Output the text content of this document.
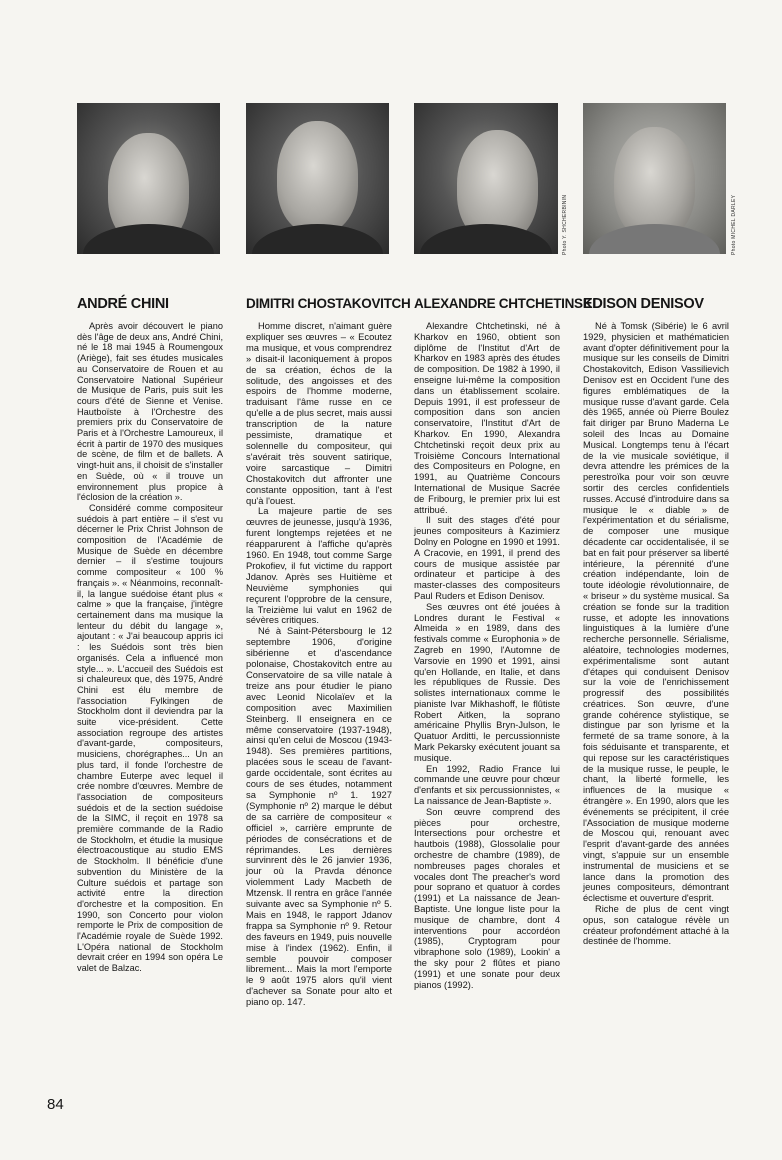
Photo Y. SHCHERBININ	Photo MICHEL DARLEY
ANDRÉ CHINI	DIMITRI CHOSTAKOVITCH ALEXANDRE CHTCHETINSKI
EDISON DENISOV

Après avoir découvert le piano dès l'âge de deux ans, André Chini, né le 18 mai 1945 à Roumengoux (Ariège), fait ses études musicales au Conservatoire de Rouen et au Conservatoire National Supérieur de Musique de Paris, puis suit les cours d'été de Sienne et Venise. Hautboïste à l'Orchestre des premiers prix du Conservatoire de Paris et à l'Orchestre Lamoureux, il écrit à partir de 1970 des musiques de scène, de film et de ballets. A vingt-huit ans, il choisit de s'installer en Suède, où « il trouve un environnement plus propice à l'éclosion de la création ».

Considéré comme compositeur suédois à part entière – il s'est vu décerner le Prix Christ Johnson de composition de l'Académie de Musique de Suède en décembre dernier – il s'estime toujours comme compositeur « 100 % français ». « Néanmoins, reconnaît-il, la langue suédoise étant plus « calme » que la française, j'intègre certainement dans ma musique la lenteur du débit du langage », ajoutant : « J'ai beaucoup appris ici : les Suédois sont très bien organisés. Cela a influencé mon style... ». L'accueil des Suédois est si chaleureux que, dès 1975, André Chini est élu membre de l'association Fylkingen de Stockholm dont il deviendra par la suite vice-président. Cette association regroupe des artistes d'avant-garde, compositeurs, musiciens, chorégraphes... Un an plus tard, il fonde l'orchestre de chambre Euterpe avec lequel il crée nombre d'œuvres. Membre de l'association de compositeurs suédois et de la section suédoise de la SIMC, il reçoit en 1978 sa première commande de la Radio de Stockholm, et étudie la musique électroacoustique au studio EMS de Stockholm. Il bénéficie d'une subvention du Ministère de la Culture suédois et partage son activité entre la direction d'orchestre et la composition. En 1990, son Concerto pour violon remporte le Prix de composition de l'Académie royale de Suède 1992. L'Opéra national de Stockholm devrait créer en 1994 son opéra Le valet de Balzac.

Homme discret, n'aimant guère expliquer ses œuvres – « Ecoutez ma musique, et vous comprendrez » disait-il laconiquement à propos de sa création, échos de la solitude, des angoisses et des espoirs de l'homme moderne, traduisant l'âme russe en ce qu'elle a de plus secret, mais aussi transcription de la nature pessimiste, dramatique et solennelle du compositeur, qui s'avérait très souvent satirique, voire sarcastique – Dimitri Chostakovitch dut affronter une constante opposition, tant à l'est qu'à l'ouest.

La majeure partie de ses œuvres de jeunesse, jusqu'à 1936, furent longtemps rejetées et ne réapparurent à l'affiche qu'après 1960. En 1948, tout comme Sarge Prokofiev, il fut victime du rapport Jdanov. Après ses Huitième et Neuvième symphonies qui reçurent l'opprobre de la censure, la Treizième lui valut en 1962 de sévères critiques.

Né à Saint-Pétersbourg le 12 septembre 1906, d'origine sibérienne et d'ascendance polonaise, Chostakovitch entre au Conservatoire de sa ville natale à treize ans pour étudier le piano avec Leonid Nicolaïev et la composition avec Maximilien Steinberg. Il enseignera en ce même conservatoire (1937-1948), ainsi qu'en celui de Moscou (1943-1948). Ses premières partitions, placées sous le sceau de l'avant-garde occidentale, sont écrites au cours de ses études, notamment sa Symphonie nº 1. 1927 (Symphonie nº 2) marque le début de sa carrière de compositeur « officiel », carrière emprunte de périodes de consécrations et de réprimandes. Les dernières survinrent dès le 26 janvier 1936, jour où la Pravda dénonce violemment Lady Macbeth de Mtzensk. Il rentra en grâce l'année suivante avec sa Symphonie nº 5. Mais en 1948, le rapport Jdanov frappa sa Symphonie nº 9. Retour des faveurs en 1949, puis nouvelle mise à l'index (1962). Enfin, il semble pouvoir composer librement... Mais la mort l'emporte le 9 août 1975 alors qu'il vient d'achever sa Sonate pour alto et piano op. 147.

Alexandre Chtchetinski, né à Kharkov en 1960, obtient son diplôme de l'Institut d'Art de Kharkov en 1983 après des études de composition. De 1982 à 1990, il enseigne lui-même la composition dans un établissement scolaire. Depuis 1991, il est professeur de composition dans son ancien conservatoire, l'Institut d'Art de Kharkov. En 1990, Alexandra Chtchetinski reçoit deux prix au Troisième Concours International des Compositeurs en Pologne, en 1991, au Quatrième Concours International de Musique Sacrée de Fribourg, le premier prix lui est attribué.

Il suit des stages d'été pour jeunes compositeurs à Kazimierz Dolny en Pologne en 1990 et 1991. A Cracovie, en 1991, il prend des cours de musique assistée par ordinateur et participe à des master-classes des compositeurs Paul Ruders et Edison Denisov.

Ses œuvres ont été jouées à Londres durant le Festival « Almeida » en 1989, dans des festivals comme « Europhonia » de Zagreb en 1990, l'Automne de Varsovie en 1990 et 1991, ainsi qu'en Hollande, en Italie, et dans les républiques de Russie. Des solistes internationaux comme le pianiste Ivar Mikhashoff, le flûtiste Robert Aitken, la soprano américaine Phyllis Bryn-Julson, le Quatuor Arditti, le percussionniste Mark Pekarsky exécutent jouant sa musique.

En 1992, Radio France lui commande une œuvre pour chœur d'enfants et six percussionnistes, « La naissance de Jean-Baptiste ».

Son œuvre comprend des pièces pour orchestre, Intersections pour orchestre et hautbois (1988), Glossolalie pour orchestre de chambre (1989), de nombreuses pages chorales et vocales dont The preacher's word pour soprano et quatuor à cordes (1991) et La naissance de Jean-Baptiste. Une longue liste pour la musique de chambre, dont 4 interventions pour accordéon (1985), Cryptogram pour vibraphone solo (1989), Lookin' a the sky pour 2 flûtes et piano (1991) et une sonate pour deux pianos (1992).

Né à Tomsk (Sibérie) le 6 avril 1929, physicien et mathématicien avant d'opter définitivement pour la musique sur les conseils de Dimitri Chostakovitch, Edison Vassilievich Denisov est en Occident l'une des figures emblématiques de la musique russe d'avant garde. Cela dès 1965, année où Pierre Boulez fait diriger par Bruno Maderna Le soleil des Incas au Domaine Musical. Longtemps tenu à l'écart de la vie musicale soviétique, il devra attendre les prémices de la perestroïka pour voir son œuvre sortir des cercles confidentiels russes. Accusé d'introduire dans sa musique le « diable » de l'expérimentation et du sérialisme, de composer une musique décadente car occidentalisée, il se bat en fait pour préserver sa liberté intérieure, la pérennité d'une création indépendante, loin de toute idéologie révolutionnaire, de « briseur » du système musical. Sa création se fonde sur la tradition russe, et adopte les innovations linguistiques à la lumière d'une recherche personnelle. Sérialisme, aléatoire, technologies modernes, expérimentalisme sont autant d'étapes qui conduisent Denisov sur la voie de l'enrichissement progressif des possibilités créatrices. Son œuvre, d'une grande cohérence stylistique, se distingue par son lyrisme et la fermeté de sa trame sonore, à la fois séduisante et transparente, et qui repose sur les caractéristiques de la musique russe, le peuple, le chant, la liberté formelle, les influences de la musique « étrangère ». En 1990, alors que les événements se précipitent, il crée l'Association de musique moderne de Moscou qui, renouant avec l'esprit d'avant-garde des années vingt, s'appuie sur un ensemble instrumental de musiciens et se lance dans la promotion des jeunes compositeurs, démontrant éclectisme et ouverture d'esprit.

Riche de plus de cent vingt opus, son catalogue révèle un créateur profondément attaché à la destinée de l'homme.

84
